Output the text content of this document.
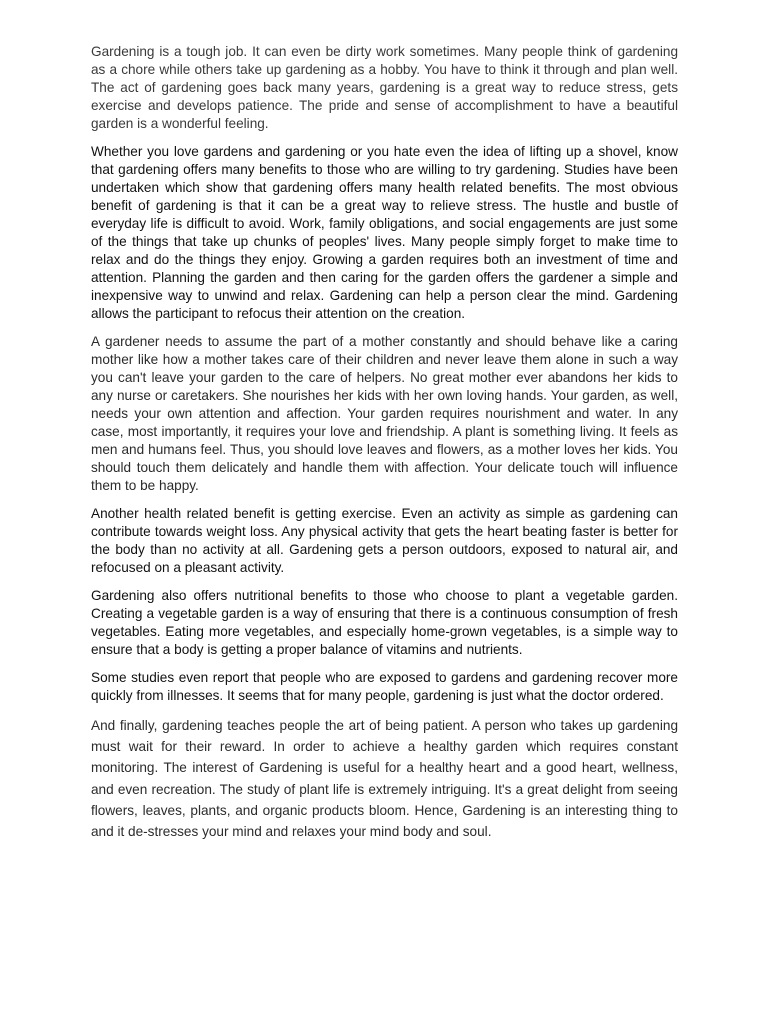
Gardening is a tough job. It can even be dirty work sometimes. Many people think of gardening as a chore while others take up gardening as a hobby. You have to think it through and plan well. The act of gardening goes back many years, gardening is a great way to reduce stress, gets exercise and develops patience. The pride and sense of accomplishment to have a beautiful garden is a wonderful feeling.

Whether you love gardens and gardening or you hate even the idea of lifting up a shovel, know that gardening offers many benefits to those who are willing to try gardening. Studies have been undertaken which show that gardening offers many health related benefits. The most obvious benefit of gardening is that it can be a great way to relieve stress. The hustle and bustle of everyday life is difficult to avoid. Work, family obligations, and social engagements are just some of the things that take up chunks of peoples' lives. Many people simply forget to make time to relax and do the things they enjoy. Growing a garden requires both an investment of time and attention. Planning the garden and then caring for the garden offers the gardener a simple and inexpensive way to unwind and relax. Gardening can help a person clear the mind. Gardening allows the participant to refocus their attention on the creation.

A gardener needs to assume the part of a mother constantly and should behave like a caring mother like how a mother takes care of their children and never leave them alone in such a way you can't leave your garden to the care of helpers. No great mother ever abandons her kids to any nurse or caretakers. She nourishes her kids with her own loving hands. Your garden, as well, needs your own attention and affection. Your garden requires nourishment and water. In any case, most importantly, it requires your love and friendship. A plant is something living. It feels as men and humans feel. Thus, you should love leaves and flowers, as a mother loves her kids. You should touch them delicately and handle them with affection. Your delicate touch will influence them to be happy.

Another health related benefit is getting exercise. Even an activity as simple as gardening can contribute towards weight loss. Any physical activity that gets the heart beating faster is better for the body than no activity at all. Gardening gets a person outdoors, exposed to natural air, and refocused on a pleasant activity.

Gardening also offers nutritional benefits to those who choose to plant a vegetable garden. Creating a vegetable garden is a way of ensuring that there is a continuous consumption of fresh vegetables. Eating more vegetables, and especially home-grown vegetables, is a simple way to ensure that a body is getting a proper balance of vitamins and nutrients.

Some studies even report that people who are exposed to gardens and gardening recover more quickly from illnesses. It seems that for many people, gardening is just what the doctor ordered.

And finally, gardening teaches people the art of being patient. A person who takes up gardening must wait for their reward. In order to achieve a healthy garden which requires constant monitoring. The interest of Gardening is useful for a healthy heart and a good heart, wellness, and even recreation. The study of plant life is extremely intriguing. It's a great delight from seeing flowers, leaves, plants, and organic products bloom. Hence, Gardening is an interesting thing to and it de-stresses your mind and relaxes your mind body and soul.
